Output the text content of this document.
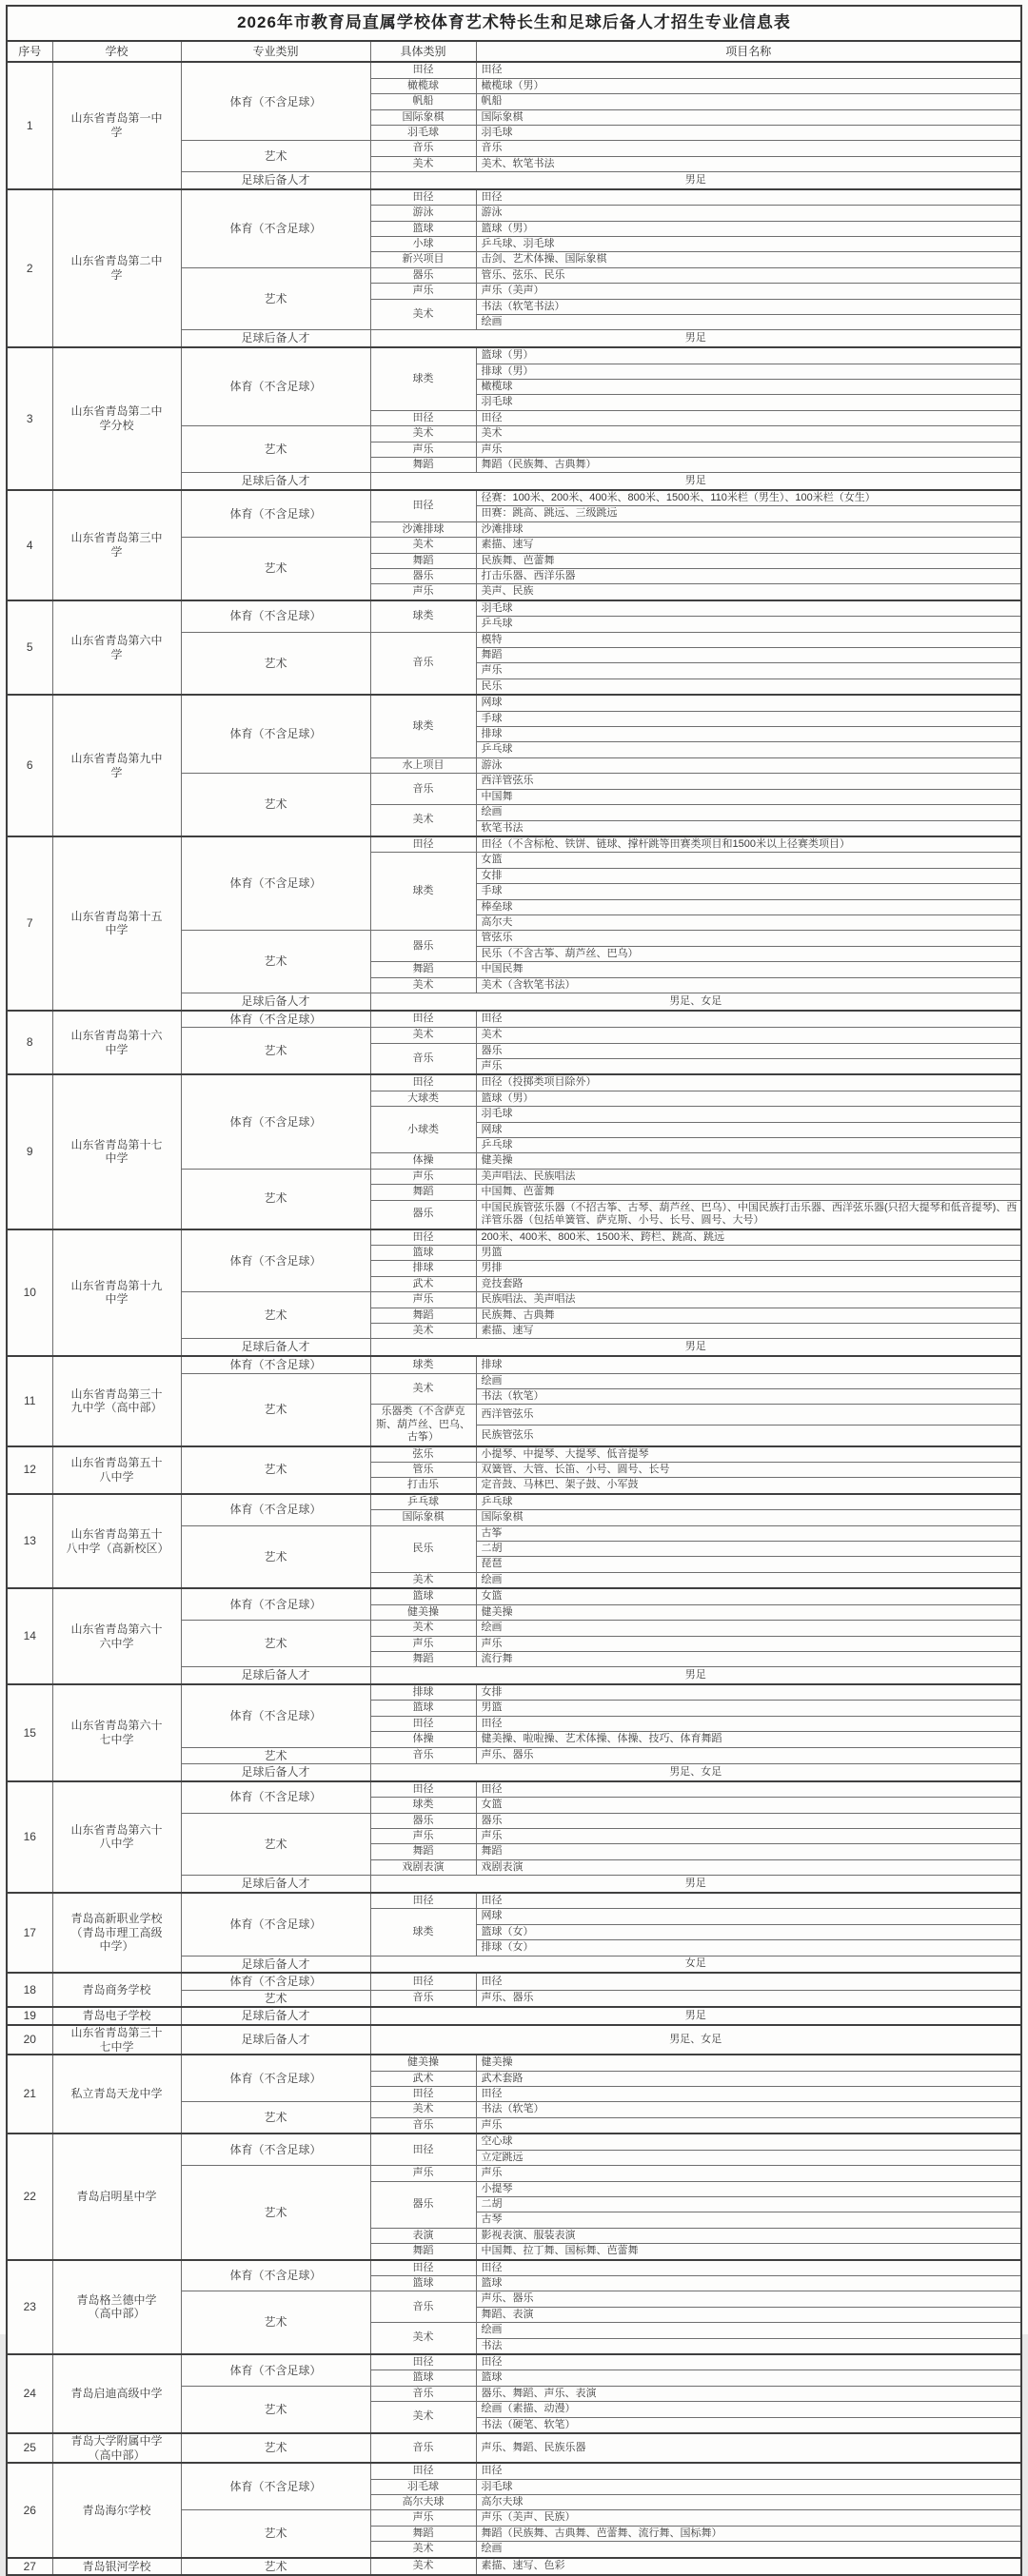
2026年市教育局直属学校体育艺术特长生和足球后备人才招生专业信息表				
序号	学校	专业类别	具体类别	项目名称
1	山东省青岛第一中学	体育（不含足球）	田径	田径
			橄榄球	橄榄球（男）
			帆船	帆船
			国际象棋	国际象棋
			羽毛球	羽毛球
		艺术	音乐	音乐
			美术	美术、软笔书法
		足球后备人才	男足	
2	山东省青岛第二中学	体育（不含足球）	田径	田径
			游泳	游泳
			篮球	篮球（男）
			小球	乒乓球、羽毛球
			新兴项目	击剑、艺术体操、国际象棋
		艺术	器乐	管乐、弦乐、民乐
			声乐	声乐（美声）
			美术	书法（软笔书法）
				绘画
		足球后备人才	男足	
3	山东省青岛第二中学分校	体育（不含足球）	球类	篮球（男）
				排球（男）
				橄榄球
				羽毛球
			田径	田径
		艺术	美术	美术
			声乐	声乐
			舞蹈	舞蹈（民族舞、古典舞）
		足球后备人才	男足	
4	山东省青岛第三中学	体育（不含足球）	田径	径赛：100米、200米、400米、800米、1500米、110米栏（男生）、100米栏（女生）
				田赛：跳高、跳远、三级跳远
			沙滩排球	沙滩排球
		艺术	美术	素描、速写
			舞蹈	民族舞、芭蕾舞
			器乐	打击乐器、西洋乐器
			声乐	美声、民族
5	山东省青岛第六中学	体育（不含足球）	球类	羽毛球
				乒乓球
		艺术	音乐	模特
				舞蹈
				声乐
				民乐
6	山东省青岛第九中学	体育（不含足球）	球类	网球
				手球
				排球
				乒乓球
			水上项目	游泳
		艺术	音乐	西洋管弦乐
				中国舞
			美术	绘画
				软笔书法
7	山东省青岛第十五中学	体育（不含足球）	田径	田径（不含标枪、铁饼、链球、撑杆跳等田赛类项目和1500米以上径赛类项目）
			球类	女篮
				女排
				手球
				棒垒球
				高尔夫
		艺术	器乐	管弦乐
				民乐（不含古筝、葫芦丝、巴乌）
			舞蹈	中国民舞
			美术	美术（含软笔书法）
		足球后备人才	男足、女足	
8	山东省青岛第十六中学	体育（不含足球）	田径	田径
		艺术	美术	美术
			音乐	器乐
				声乐
9	山东省青岛第十七中学	体育（不含足球）	田径	田径（投掷类项目除外）
			大球类	篮球（男）
			小球类	羽毛球
				网球
				乒乓球
			体操	健美操
		艺术	声乐	美声唱法、民族唱法
			舞蹈	中国舞、芭蕾舞
			器乐	中国民族管弦乐器（不招古筝、古琴、葫芦丝、巴乌）、中国民族打击乐器、西洋弦乐器(只招大提琴和低音提琴)、西洋管乐器（包括单簧管、萨克斯、小号、长号、圆号、大号）
10	山东省青岛第十九中学	体育（不含足球）	田径	200米、400米、800米、1500米、跨栏、跳高、跳远
			篮球	男篮
			排球	男排
			武术	竞技套路
		艺术	声乐	民族唱法、美声唱法
			舞蹈	民族舞、古典舞
			美术	素描、速写
		足球后备人才	男足	
11	山东省青岛第三十九中学（高中部）	体育（不含足球）	球类	排球
		艺术	美术	绘画
				书法（软笔）
			乐器类（不含萨克斯、葫芦丝、巴乌、古筝）	西洋管弦乐
				民族管弦乐
12	山东省青岛第五十八中学	艺术	弦乐	小提琴、中提琴、大提琴、低音提琴
			管乐	双簧管、大管、长笛、小号、圆号、长号
			打击乐	定音鼓、马林巴、架子鼓、小军鼓
13	山东省青岛第五十八中学（高新校区）	体育（不含足球）	乒乓球	乒乓球
			国际象棋	国际象棋
		艺术	民乐	古筝
				二胡
				琵琶
			美术	绘画
14	山东省青岛第六十六中学	体育（不含足球）	篮球	女篮
			健美操	健美操
		艺术	美术	绘画
			声乐	声乐
			舞蹈	流行舞
		足球后备人才	男足	
15	山东省青岛第六十七中学	体育（不含足球）	排球	女排
			篮球	男篮
			田径	田径
			体操	健美操、啦啦操、艺术体操、体操、技巧、体育舞蹈
		艺术	音乐	声乐、器乐
		足球后备人才	男足、女足	
16	山东省青岛第六十八中学	体育（不含足球）	田径	田径
			球类	女篮
		艺术	器乐	器乐
			声乐	声乐
			舞蹈	舞蹈
			戏剧表演	戏剧表演
		足球后备人才	男足	
17	青岛高新职业学校（青岛市理工高级中学）	体育（不含足球）	田径	田径
			球类	网球
				篮球（女）
				排球（女）
		足球后备人才	女足	
18	青岛商务学校	体育（不含足球）	田径	田径
		艺术	音乐	声乐、器乐
19	青岛电子学校	足球后备人才	男足	
20	山东省青岛第三十七中学	足球后备人才	男足、女足	
21	私立青岛天龙中学	体育（不含足球）	健美操	健美操
			武术	武术套路
			田径	田径
		艺术	美术	书法（软笔）
			音乐	声乐
22	青岛启明星中学	体育（不含足球）	田径	空心球
				立定跳远
		艺术	声乐	声乐
			器乐	小提琴
				二胡
				古琴
			表演	影视表演、服装表演
			舞蹈	中国舞、拉丁舞、国标舞、芭蕾舞
23	青岛格兰德中学（高中部）	体育（不含足球）	田径	田径
			篮球	篮球
		艺术	音乐	声乐、器乐
				舞蹈、表演
			美术	绘画
				书法
24	青岛启迪高级中学	体育（不含足球）	田径	田径
			篮球	篮球
		艺术	音乐	器乐、舞蹈、声乐、表演
			美术	绘画（素描、动漫）
				书法（硬笔、软笔）
25	青岛大学附属中学（高中部）	艺术	音乐	声乐、舞蹈、民族乐器
26	青岛海尔学校	体育（不含足球）	田径	田径
			羽毛球	羽毛球
			高尔夫球	高尔夫球
		艺术	声乐	声乐（美声、民族）
			舞蹈	舞蹈（民族舞、古典舞、芭蕾舞、流行舞、国标舞）
			美术	绘画
27	青岛银河学校	艺术	美术	素描、速写、色彩
